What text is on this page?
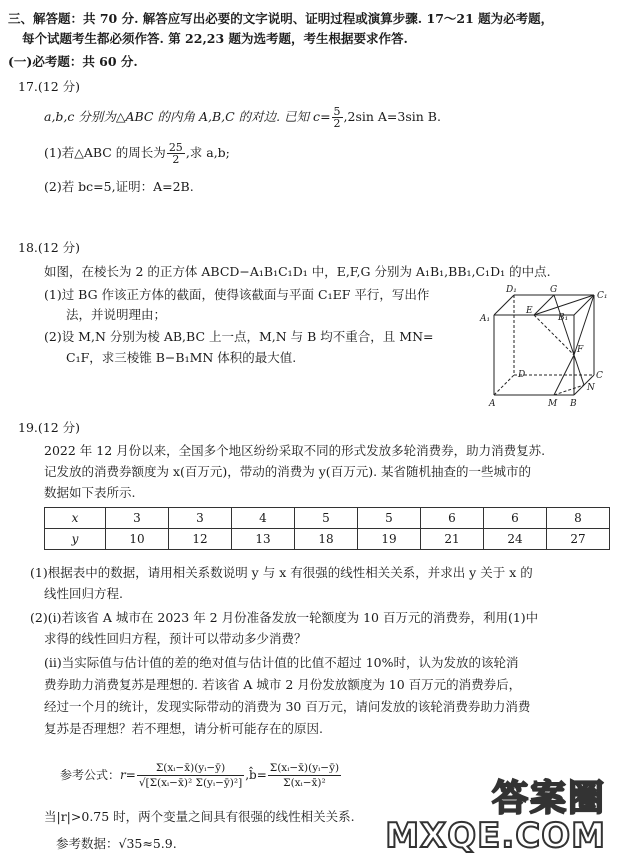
三、解答题：共 70 分. 解答应写出必要的文字说明、证明过程或演算步骤. 17～21 题为必考题，
每个试题考生都必须作答. 第 22,23 题为选考题，考生根据要求作答.
(一)必考题：共 60 分.
17.(12 分)
a,b,c 分别为△ABC 的内角 A,B,C 的对边. 已知 $c= \frac{5}{2} ,2\sin$ A=3sin B.
(1)若△ABC 的周长为 $\frac{25}{2}$ ,求 a,b;
(2)若 bc=5,证明：A=2B.
18.(12 分)
如图，在棱长为 2 的正方体 ABCD−A₁B₁C₁D₁ 中，E,F,G 分别为 A₁B₁,BB₁,C₁D₁ 的中点.
(1)过 BG 作该正方体的截面，使得该截面与平面 C₁EF 平行，写出作
法，并说明理由；
(2)设 M,N 分别为棱 AB,BC 上一点，M,N 与 B 均不重合，且 MN=
C₁F，求三棱锥 B−B₁MN 体积的最大值.
D₁	G
C₁
A₁
E
B₁
F
D	C
N
A	M B
19.(12 分)
2022 年 12 月份以来，全国多个地区纷纷采取不同的形式发放多轮消费券，助力消费复苏.
记发放的消费券额度为 x(百万元)，带动的消费为 y(百万元). 某省随机抽查的一些城市的
数据如下表所示.
x	3	3	4	5	5	6	6	8
y	10	12	13	18	19	21	24	27
(1)根据表中的数据，请用相关系数说明 y 与 x 有很强的线性相关关系，并求出 y 关于 x 的
线性回归方程.
(2)(i)若该省 A 城市在 2023 年 2 月份准备发放一轮额度为 10 百万元的消费券，利用(1)中
求得的线性回归方程，预计可以带动多少消费？
(ii)当实际值与估计值的差的绝对值与估计值的比值不超过 10%时，认为发放的该轮消
费券助力消费复苏是理想的. 若该省 A 城市 2 月份发放额度为 10 百万元的消费券后，
经过一个月的统计，发现实际带动的消费为 30 百万元，请问发放的该轮消费券助力消费
复苏是否理想？若不理想，请分析可能存在的原因.
参考公式：$r= \frac{\text{Σ(xᵢ−x̄)(yᵢ−ȳ)}}{\text{√[Σ(xᵢ−x̄)² Σ(yᵢ−ȳ)²]}}$ ,b̂= $\frac{\text{Σ(xᵢ−x̄)(yᵢ−ȳ)}}{\text{Σ(xᵢ−x̄)²}}$
当|r|>0.75 时，两个变量之间具有很强的线性相关关系.
参考数据：√35≈5.9.
答案圈
MXQE.COM
